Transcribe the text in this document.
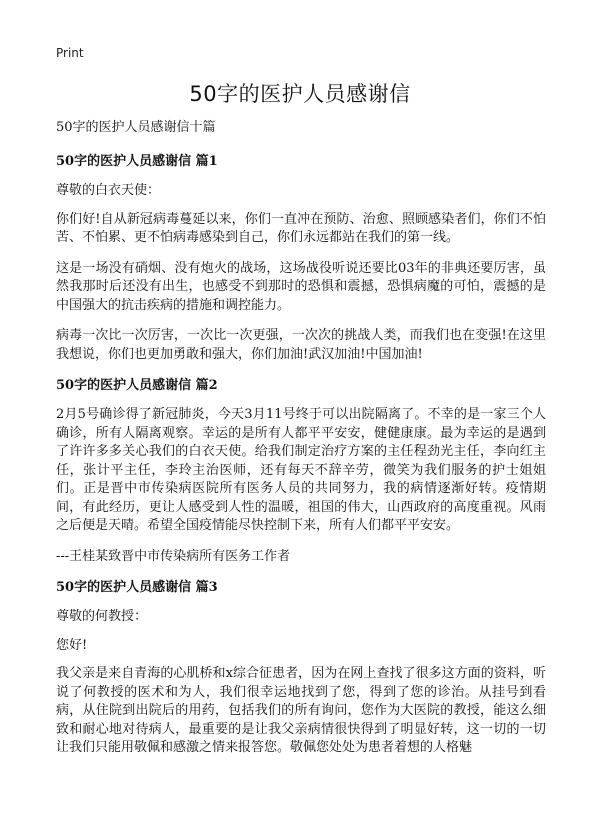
Print
50字的医护人员感谢信

50字的医护人员感谢信十篇

50字的医护人员感谢信 篇1

尊敬的白衣天使：

你们好!自从新冠病毒蔓延以来，你们一直冲在预防、治愈、照顾感染者们，你们不怕苦、不怕累、更不怕病毒感染到自己，你们永远都站在我们的第一线。

这是一场没有硝烟、没有炮火的战场，这场战役听说还要比03年的非典还要厉害，虽然我那时后还没有出生，也感受不到那时的恐惧和震撼，恐惧病魔的可怕，震撼的是中国强大的抗击疾病的措施和调控能力。

病毒一次比一次厉害，一次比一次更强，一次次的挑战人类，而我们也在变强!在这里我想说，你们也更加勇敢和强大，你们加油!武汉加油!中国加油!

50字的医护人员感谢信 篇2

2月5号确诊得了新冠肺炎，今天3月11号终于可以出院隔离了。不幸的是一家三个人确诊，所有人隔离观察。幸运的是所有人都平平安安，健健康康。最为幸运的是遇到了许许多多关心我们的白衣天使。给我们制定治疗方案的主任程劲光主任，李向红主任，张计平主任，李玲主治医师，还有每天不辞辛劳，微笑为我们服务的护士姐姐们。正是晋中市传染病医院所有医务人员的共同努力，我的病情逐渐好转。疫情期间，有此经历，更让人感受到人性的温暖，祖国的伟大，山西政府的高度重视。风雨之后便是天晴。希望全国疫情能尽快控制下来，所有人们都平平安安。

---王桂某致晋中市传染病所有医务工作者

50字的医护人员感谢信 篇3

尊敬的何教授：

您好!

我父亲是来自青海的心肌桥和x综合征患者，因为在网上查找了很多这方面的资料，听说了何教授的医术和为人，我们很幸运地找到了您，得到了您的诊治。从挂号到看病，从住院到出院后的用药，包括我们的所有询问，您作为大医院的教授，能这么细致和耐心地对待病人，最重要的是让我父亲病情很快得到了明显好转，这一切的一切让我们只能用敬佩和感激之情来报答您。敬佩您处处为患者着想的人格魅
